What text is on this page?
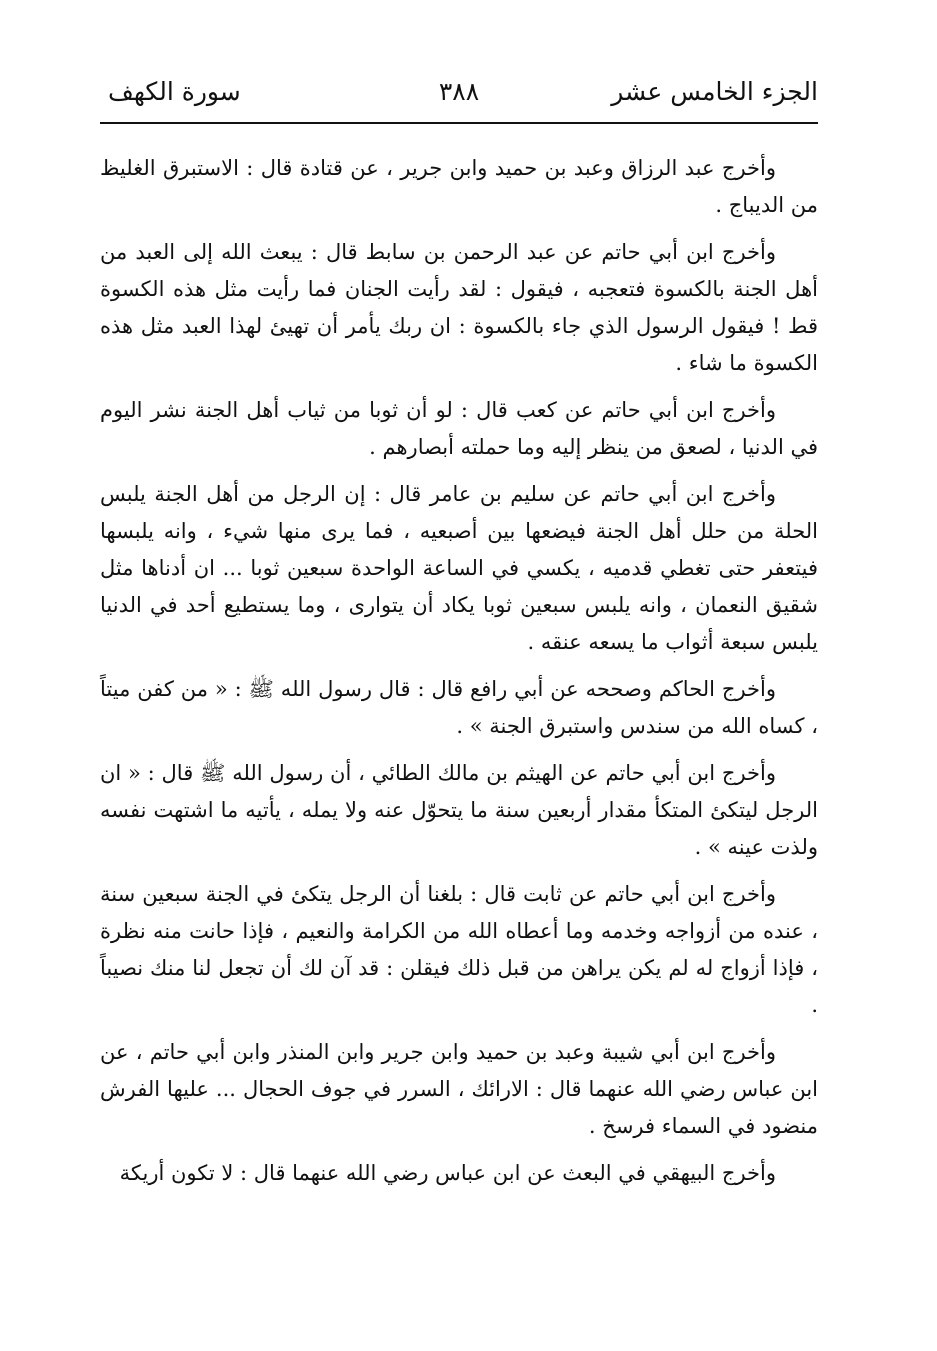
الجزء الخامس عشر
٣٨٨
سورة الكهف

وأخرج عبد الرزاق وعبد بن حميد وابن جرير ، عن قتادة قال : الاستبرق الغليظ من الديباج .

وأخرج ابن أبي حاتم عن عبد الرحمن بن سابط قال : يبعث الله إلى العبد من أهل الجنة بالكسوة فتعجبه ، فيقول : لقد رأيت الجنان فما رأيت مثل هذه الكسوة قط ! فيقول الرسول الذي جاء بالكسوة : ان ربك يأمر أن تهيئ لهذا العبد مثل هذه الكسوة ما شاء .

وأخرج ابن أبي حاتم عن كعب قال : لو أن ثوبا من ثياب أهل الجنة نشر اليوم في الدنيا ، لصعق من ينظر إليه وما حملته أبصارهم .

وأخرج ابن أبي حاتم عن سليم بن عامر قال : إن الرجل من أهل الجنة يلبس الحلة من حلل أهل الجنة فيضعها بين أصبعيه ، فما يرى منها شيء ، وانه يلبسها فيتعفر حتى تغطي قدميه ، يكسي في الساعة الواحدة سبعين ثوبا ... ان أدناها مثل شقيق النعمان ، وانه يلبس سبعين ثوبا يكاد أن يتوارى ، وما يستطيع أحد في الدنيا يلبس سبعة أثواب ما يسعه عنقه .

وأخرج الحاكم وصححه عن أبي رافع قال : قال رسول الله ﷺ : « من كفن ميتاً ، كساه الله من سندس واستبرق الجنة » .

وأخرج ابن أبي حاتم عن الهيثم بن مالك الطائي ، أن رسول الله ﷺ قال : « ان الرجل ليتكئ المتكأ مقدار أربعين سنة ما يتحوّل عنه ولا يمله ، يأتيه ما اشتهت نفسه ولذت عينه » .

وأخرج ابن أبي حاتم عن ثابت قال : بلغنا أن الرجل يتكئ في الجنة سبعين سنة ، عنده من أزواجه وخدمه وما أعطاه الله من الكرامة والنعيم ، فإذا حانت منه نظرة ، فإذا أزواج له لم يكن يراهن من قبل ذلك فيقلن : قد آن لك أن تجعل لنا منك نصيباً .

وأخرج ابن أبي شيبة وعبد بن حميد وابن جرير وابن المنذر وابن أبي حاتم ، عن ابن عباس رضي الله عنهما قال : الارائك ، السرر في جوف الحجال ... عليها الفرش منضود في السماء فرسخ .

وأخرج البيهقي في البعث عن ابن عباس رضي الله عنهما قال : لا تكون أريكة
